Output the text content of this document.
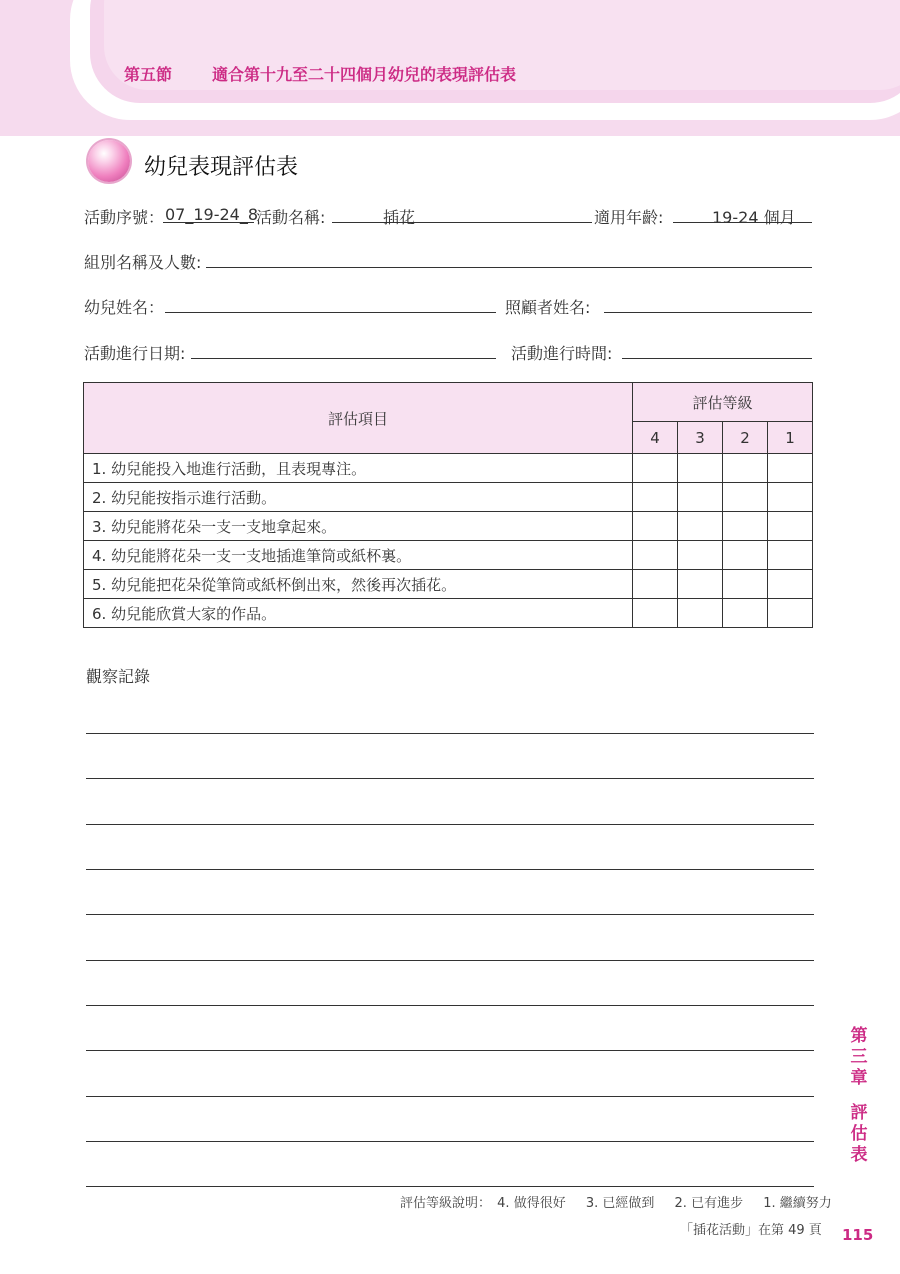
第五節 適合第十九至二十四個月幼兒的表現評估表
幼兒表現評估表
活動序號： 07_19-24_8
活動名稱:	插花	適用年齡:	19-24 個月
組別名稱及人數:
幼兒姓名：	照顧者姓名:
活動進行日期:	活動進行時間:
評估項目	評估等級			
	4	3	2	1
1. 幼兒能投入地進行活動，且表現專注。				
2. 幼兒能按指示進行活動。				
3. 幼兒能將花朵一支一支地拿起來。				
4. 幼兒能將花朵一支一支地插進筆筒或紙杯裏。				
5. 幼兒能把花朵從筆筒或紙杯倒出來，然後再次插花。				
6. 幼兒能欣賞大家的作品。				
觀察記錄
第
三
章
評
估
表
評估等級說明： 4. 做得很好 3. 已經做到 2. 已有進步 1. 繼續努力
「插花活動」在第 49 頁 115
